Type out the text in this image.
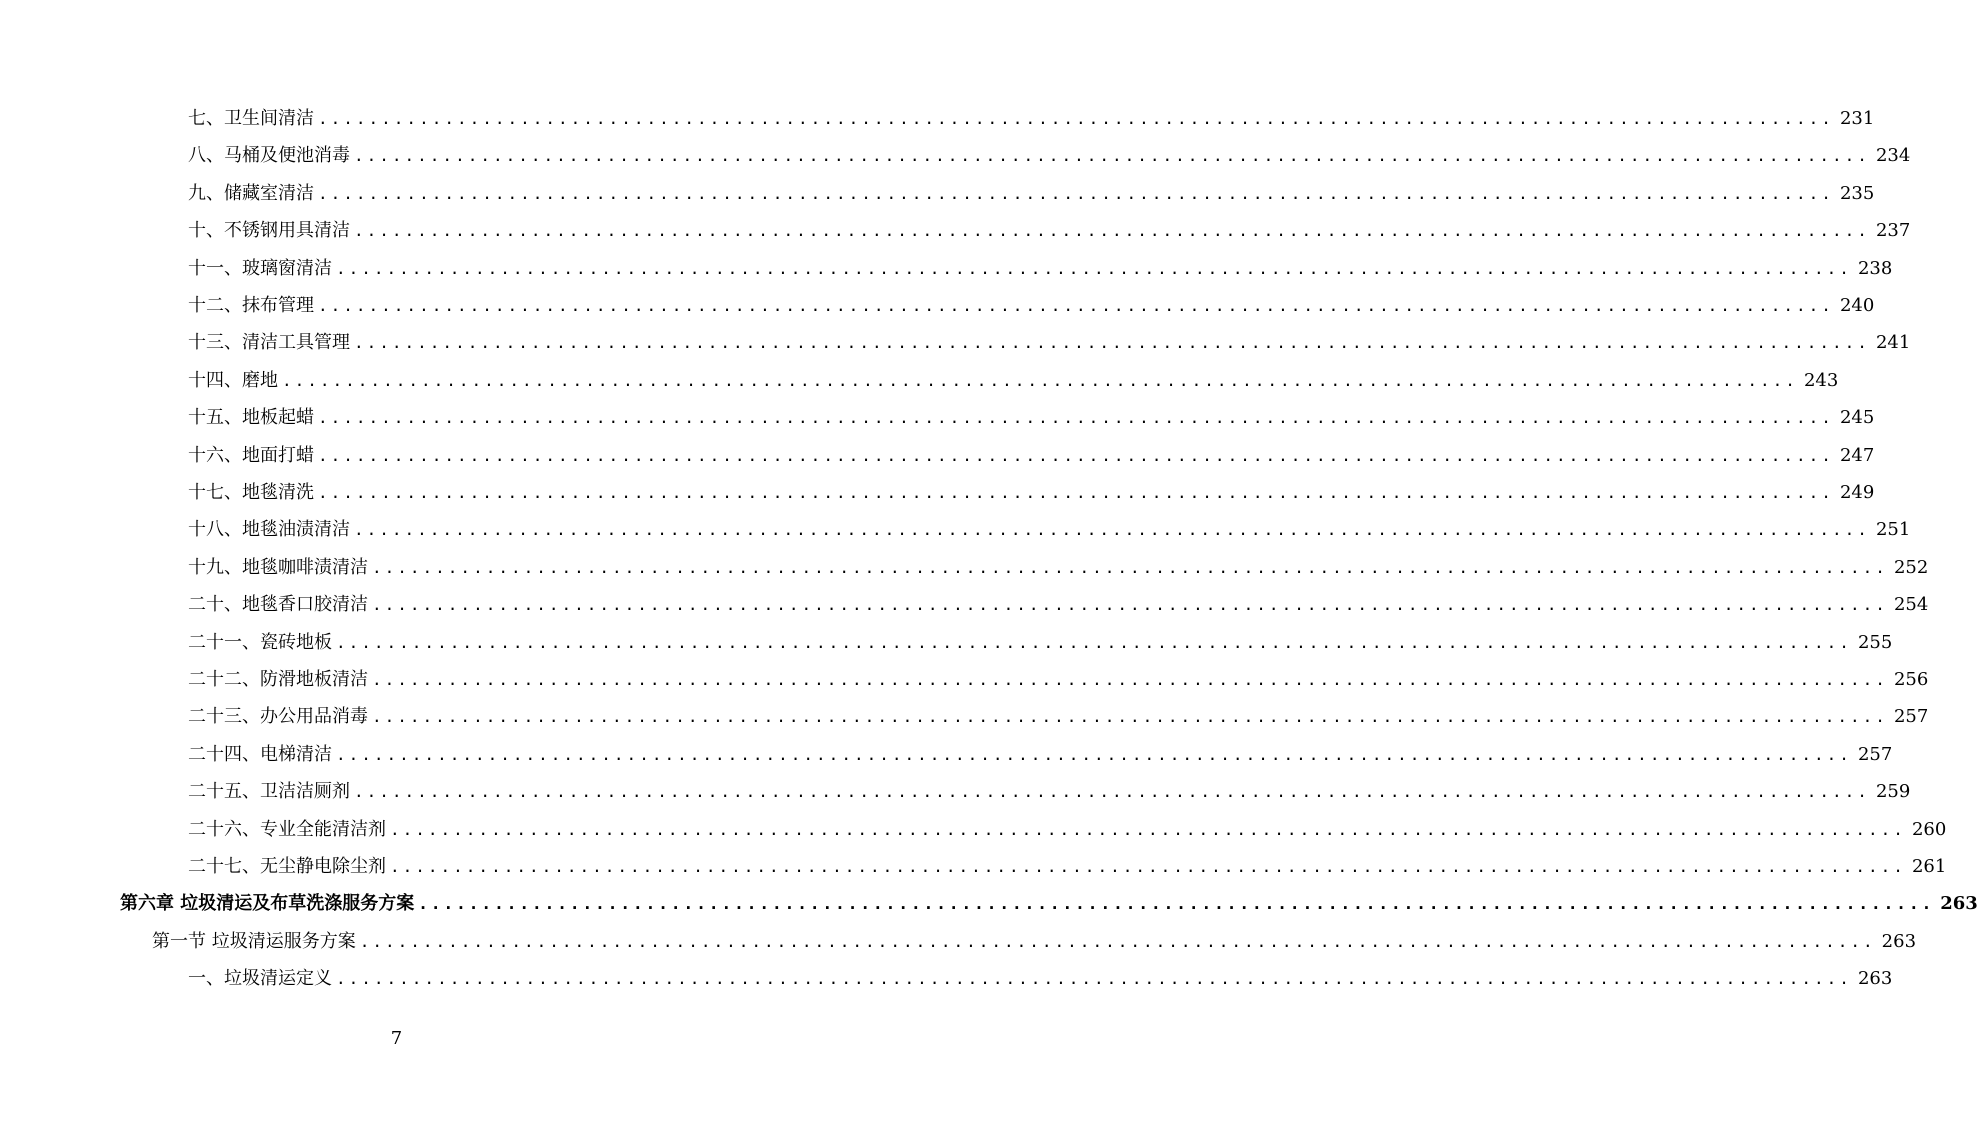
七、卫生间清洁 ........................................................................................................................ 231
八、马桶及便池消毒 ........................................................................................................................ 234
九、储藏室清洁 ........................................................................................................................ 235
十、不锈钢用具清洁 ........................................................................................................................ 237
十一、玻璃窗清洁 ........................................................................................................................ 238
十二、抹布管理 ........................................................................................................................ 240
十三、清洁工具管理 ........................................................................................................................ 241
十四、磨地 ........................................................................................................................ 243
十五、地板起蜡 ........................................................................................................................ 245
十六、地面打蜡 ........................................................................................................................ 247
十七、地毯清洗 ........................................................................................................................ 249
十八、地毯油渍清洁 ........................................................................................................................ 251
十九、地毯咖啡渍清洁 ........................................................................................................................ 252
二十、地毯香口胶清洁 ........................................................................................................................ 254
二十一、瓷砖地板 ........................................................................................................................ 255
二十二、防滑地板清洁 ........................................................................................................................ 256
二十三、办公用品消毒 ........................................................................................................................ 257
二十四、电梯清洁 ........................................................................................................................ 257
二十五、卫洁洁厕剂 ........................................................................................................................ 259
二十六、专业全能清洁剂 ........................................................................................................................ 260
二十七、无尘静电除尘剂 ........................................................................................................................ 261
第六章 垃圾清运及布草洗涤服务方案 ........................................................................................................................ 263
第一节 垃圾清运服务方案 ........................................................................................................................ 263
一、垃圾清运定义 ........................................................................................................................ 263
7
